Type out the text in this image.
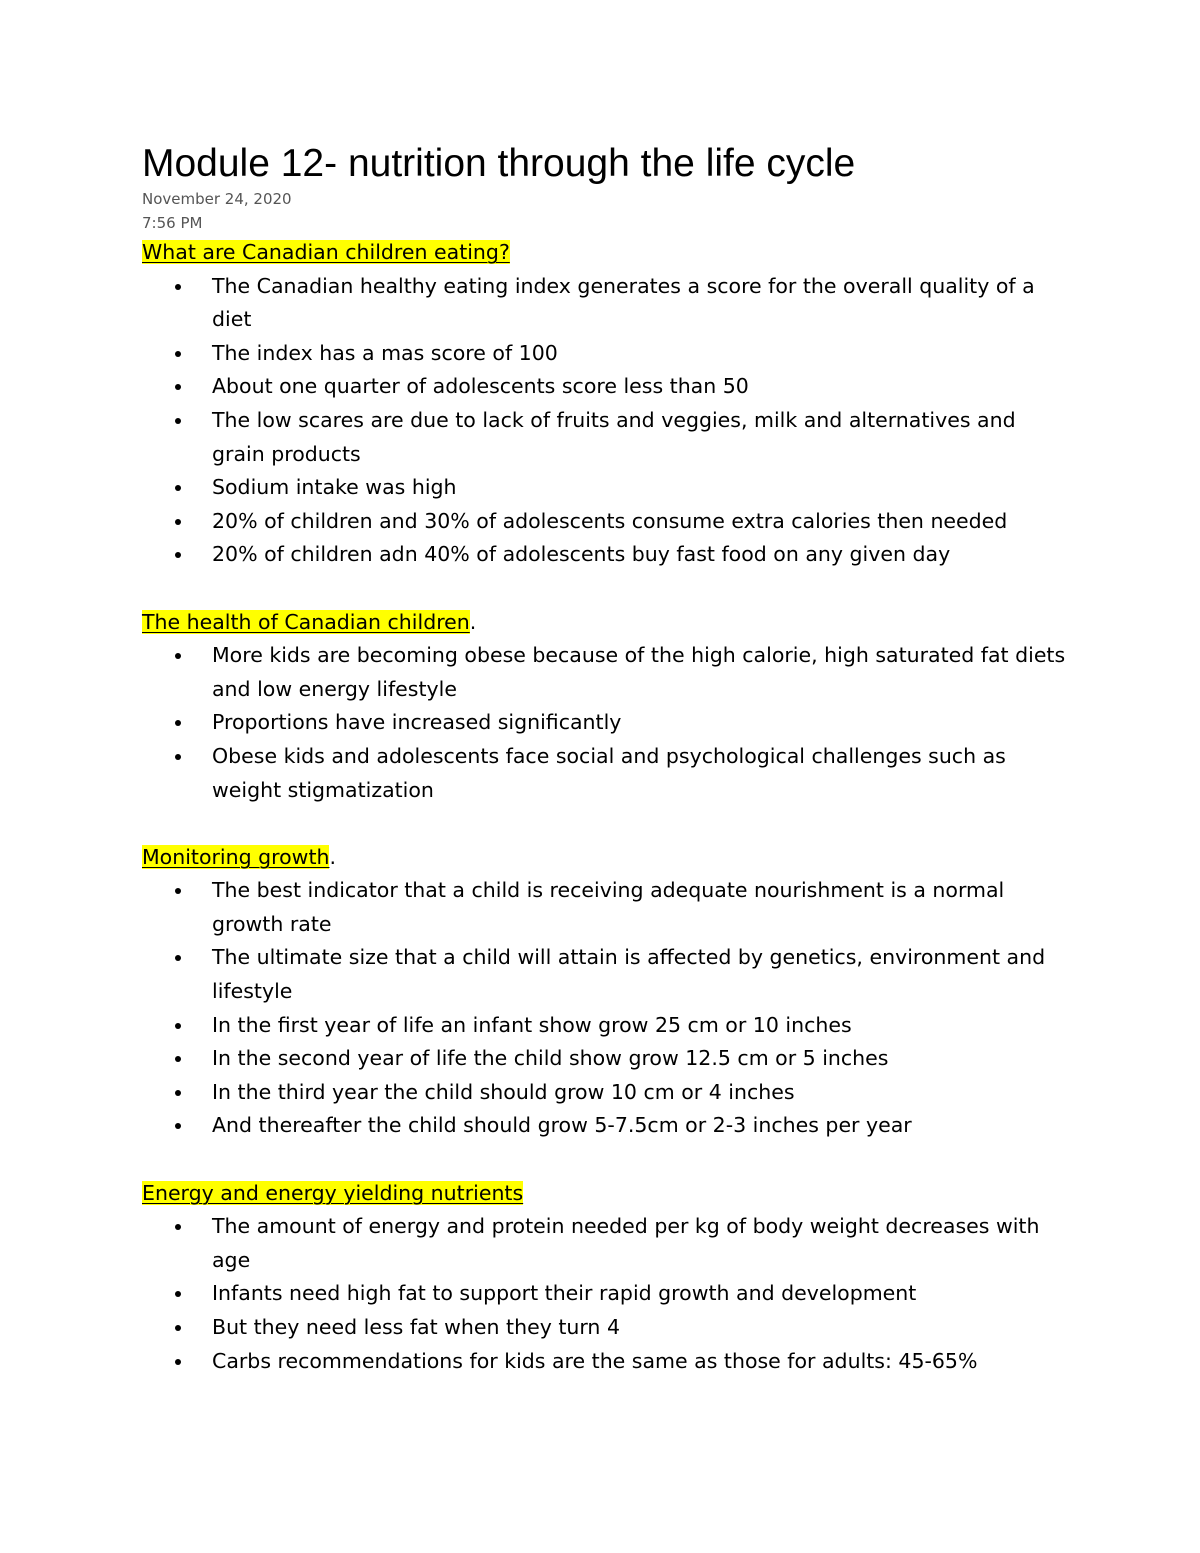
Module 12- nutrition through the life cycle
November 24, 2020
7:56 PM

What are Canadian children eating?

The Canadian healthy eating index generates a score for the overall quality of a diet
The index has a mas score of 100
About one quarter of adolescents score less than 50
The low scares are due to lack of fruits and veggies, milk and alternatives and grain products
Sodium intake was high
20% of children and 30% of adolescents consume extra calories then needed
20% of children adn 40% of adolescents buy fast food on any given day

The health of Canadian children.

More kids are becoming obese because of the high calorie, high saturated fat diets and low energy lifestyle
Proportions have increased significantly
Obese kids and adolescents face social and psychological challenges such as weight stigmatization

Monitoring growth.

The best indicator that a child is receiving adequate nourishment is a normal growth rate
The ultimate size that a child will attain is affected by genetics, environment and lifestyle
In the first year of life an infant show grow 25 cm or 10 inches
In the second year of life the child show grow 12.5 cm or 5 inches
In the third year the child should grow 10 cm or 4 inches
And thereafter the child should grow 5-7.5cm or 2-3 inches per year

Energy and energy yielding nutrients

The amount of energy and protein needed per kg of body weight decreases with age
Infants need high fat to support their rapid growth and development
But they need less fat when they turn 4
Carbs recommendations for kids are the same as those for adults: 45-65%
